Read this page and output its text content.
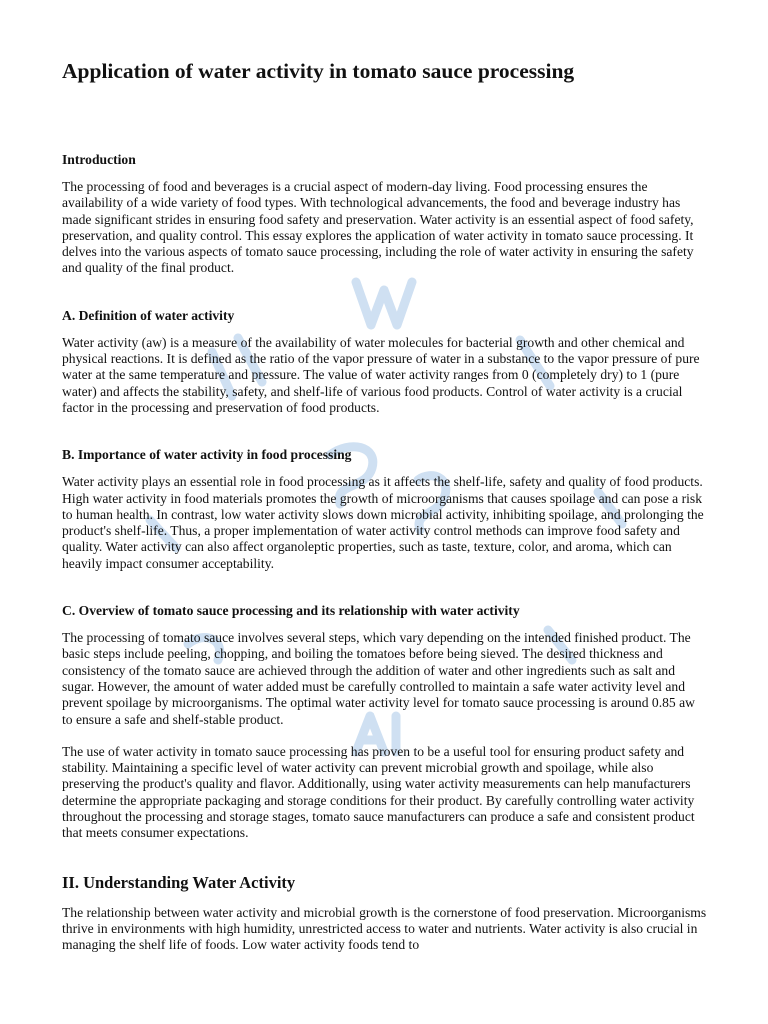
Application of water activity in tomato sauce processing
Introduction

The processing of food and beverages is a crucial aspect of modern-day living. Food processing ensures the availability of a wide variety of food types. With technological advancements, the food and beverage industry has made significant strides in ensuring food safety and preservation. Water activity is an essential aspect of food safety, preservation, and quality control. This essay explores the application of water activity in tomato sauce processing. It delves into the various aspects of tomato sauce processing, including the role of water activity in ensuring the safety and quality of the final product.

A. Definition of water activity

Water activity (aw) is a measure of the availability of water molecules for bacterial growth and other chemical and physical reactions. It is defined as the ratio of the vapor pressure of water in a substance to the vapor pressure of pure water at the same temperature and pressure. The value of water activity ranges from 0 (completely dry) to 1 (pure water) and affects the stability, safety, and shelf-life of various food products. Control of water activity is a crucial factor in the processing and preservation of food products.

B. Importance of water activity in food processing

Water activity plays an essential role in food processing as it affects the shelf-life, safety and quality of food products. High water activity in food materials promotes the growth of microorganisms that causes spoilage and can pose a risk to human health. In contrast, low water activity slows down microbial activity, inhibiting spoilage, and prolonging the product's shelf-life. Thus, a proper implementation of water activity control methods can improve food safety and quality. Water activity can also affect organoleptic properties, such as taste, texture, color, and aroma, which can heavily impact consumer acceptability.

C. Overview of tomato sauce processing and its relationship with water activity

The processing of tomato sauce involves several steps, which vary depending on the intended finished product. The basic steps include peeling, chopping, and boiling the tomatoes before being sieved. The desired thickness and consistency of the tomato sauce are achieved through the addition of water and other ingredients such as salt and sugar. However, the amount of water added must be carefully controlled to maintain a safe water activity level and prevent spoilage by microorganisms. The optimal water activity level for tomato sauce processing is around 0.85 aw to ensure a safe and shelf-stable product.

The use of water activity in tomato sauce processing has proven to be a useful tool for ensuring product safety and stability. Maintaining a specific level of water activity can prevent microbial growth and spoilage, while also preserving the product's quality and flavor. Additionally, using water activity measurements can help manufacturers determine the appropriate packaging and storage conditions for their product. By carefully controlling water activity throughout the processing and storage stages, tomato sauce manufacturers can produce a safe and consistent product that meets consumer expectations.

II. Understanding Water Activity

The relationship between water activity and microbial growth is the cornerstone of food preservation. Microorganisms thrive in environments with high humidity, unrestricted access to water and nutrients. Water activity is also crucial in managing the shelf life of foods. Low water activity foods tend to
